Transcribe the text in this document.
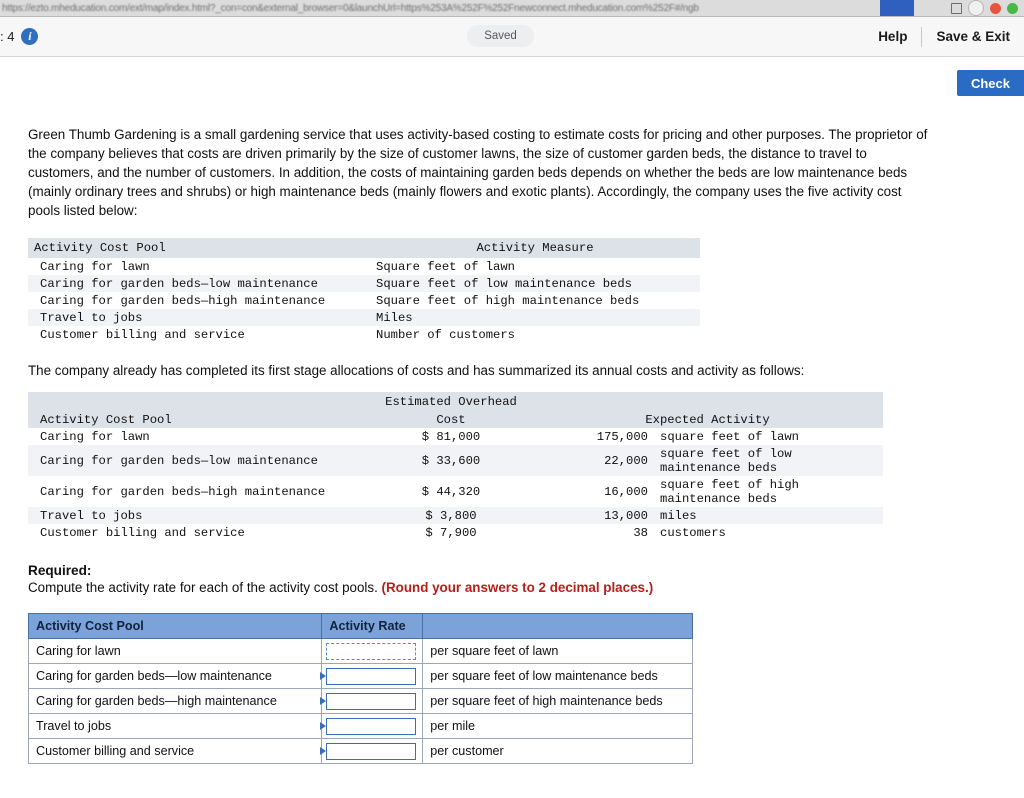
https://ezto.mheducation.com/ext/map/index.html?_con=con&external_browser=0&launchUrl=https%253A%252F%252Fnewconnect.mheducation.com%252F#/ngb
: 4	i	Saved	Help	Save & Exit
Check
Green Thumb Gardening is a small gardening service that uses activity-based costing to estimate costs for pricing and other purposes. The proprietor of the company believes that costs are driven primarily by the size of customer lawns, the size of customer garden beds, the distance to travel to customers, and the number of customers. In addition, the costs of maintaining garden beds depends on whether the beds are low maintenance beds (mainly ordinary trees and shrubs) or high maintenance beds (mainly flowers and exotic plants). Accordingly, the company uses the five activity cost pools listed below:
Activity Cost Pool	Activity Measure
Caring for lawn	Square feet of lawn
Caring for garden beds—low maintenance	Square feet of low maintenance beds
Caring for garden beds—high maintenance	Square feet of high maintenance beds
Travel to jobs	Miles
Customer billing and service	Number of customers
The company already has completed its first stage allocations of costs and has summarized its annual costs and activity as follows:
	Estimated Overhead		
Activity Cost Pool	Cost	Expected Activity	
Caring for lawn	$ 81,000	175,000	square feet of lawn
Caring for garden beds—low maintenance	$ 33,600	22,000	square feet of low maintenance beds
Caring for garden beds—high maintenance	$ 44,320	16,000	square feet of high maintenance beds
Travel to jobs	$ 3,800	13,000	miles
Customer billing and service	$ 7,900	38	customers
Required:
Compute the activity rate for each of the activity cost pools. (Round your answers to 2 decimal places.)
Activity Cost Pool	Activity Rate	
Caring for lawn		per square feet of lawn
Caring for garden beds—low maintenance		per square feet of low maintenance beds
Caring for garden beds—high maintenance		per square feet of high maintenance beds
Travel to jobs		per mile
Customer billing and service		per customer
